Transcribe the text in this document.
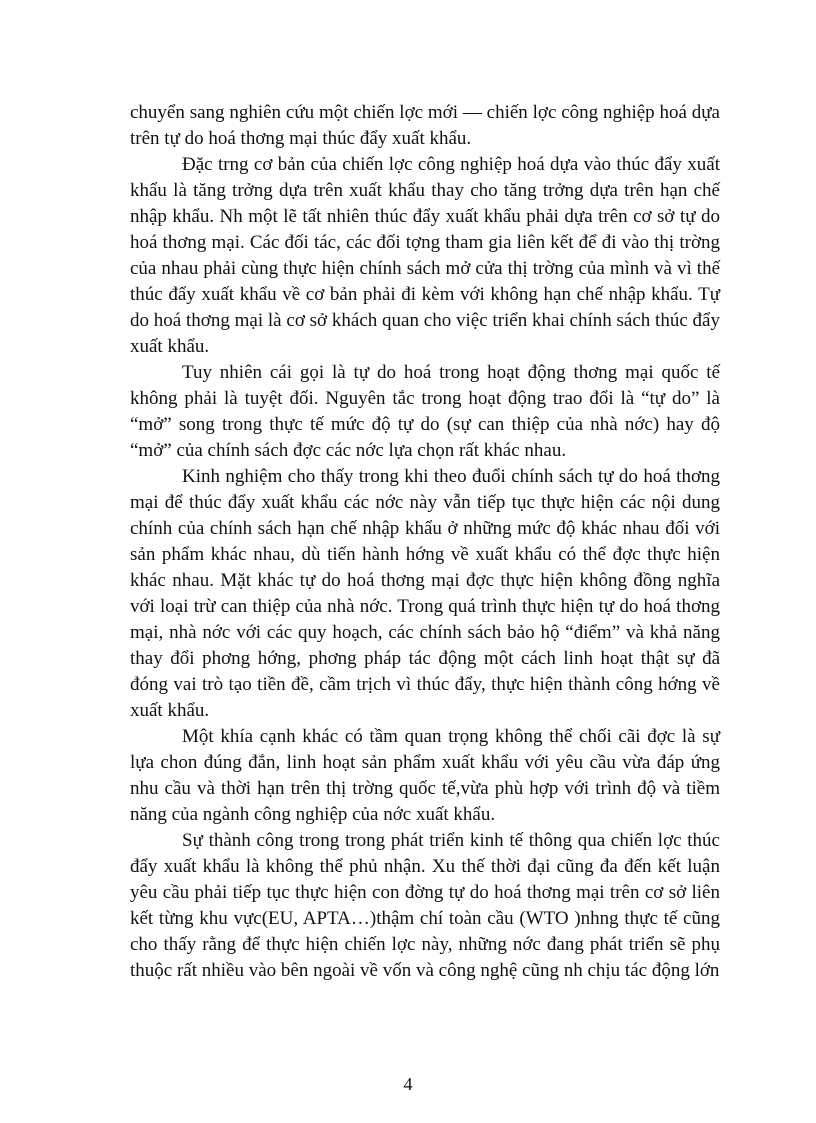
chuyển sang nghiên cứu một chiến lợc mới — chiến lợc công nghiệp hoá dựa trên tự do hoá thơng mại thúc đẩy xuất khẩu.

Đặc trng cơ bản của chiến lợc công nghiệp hoá dựa vào thúc đẩy xuất khẩu là tăng trởng dựa trên xuất khẩu thay cho tăng trởng dựa trên hạn chế nhập khẩu. Nh một lẽ tất nhiên thúc đẩy xuất khẩu phải dựa trên cơ sở tự do hoá thơng mại. Các đối tác, các đối tợng tham gia liên kết để đi vào thị trờng của nhau phải cùng thực hiện chính sách mở cửa thị trờng của mình và vì thế thúc đẩy xuất khẩu về cơ bản phải đi kèm với không hạn chế nhập khẩu. Tự do hoá thơng mại là cơ sở khách quan cho việc triển khai chính sách thúc đẩy xuất khẩu.

Tuy nhiên cái gọi là tự do hoá trong hoạt động thơng mại quốc tế không phải là tuyệt đối. Nguyên tắc trong hoạt động trao đổi là “tự do” là “mở” song trong thực tế mức độ tự do (sự can thiệp của nhà nớc) hay độ “mở” của chính sách đợc các nớc lựa chọn rất khác nhau.

Kinh nghiệm cho thấy trong khi theo đuổi chính sách tự do hoá thơng mại để thúc đẩy xuất khẩu các nớc này vẫn tiếp tục thực hiện các nội dung chính của chính sách hạn chế nhập khẩu ở những mức độ khác nhau đối với sản phẩm khác nhau, dù tiến hành hớng về xuất khẩu có thể đợc thực hiện khác nhau. Mặt khác tự do hoá thơng mại đợc thực hiện không đồng nghĩa với loại trừ can thiệp của nhà nớc. Trong quá trình thực hiện tự do hoá thơng mại, nhà nớc với các quy hoạch, các chính sách bảo hộ “điểm” và khả năng thay đổi phơng hớng, phơng pháp tác động một cách linh hoạt thật sự đã đóng vai trò tạo tiền đề, cầm trịch vì thúc đẩy, thực hiện thành công hớng về xuất khẩu.

Một khía cạnh khác có tầm quan trọng không thể chối cãi đợc là sự lựa chon đúng đắn, linh hoạt sản phẩm xuất khẩu với yêu cầu vừa đáp ứng nhu cầu và thời hạn trên thị trờng quốc tế,vừa phù hợp với trình độ và tiềm năng của ngành công nghiệp của nớc xuất khẩu.

Sự thành công trong trong phát triển kinh tế thông qua chiến lợc thúc đẩy xuất khẩu là không thể phủ nhận. Xu thế thời đại cũng đa đến kết luận yêu cầu phải tiếp tục thực hiện con đờng tự do hoá thơng mại trên cơ sở liên kết từng khu vực(EU, APTA…)thậm chí toàn cầu (WTO )nhng thực tế cũng cho thấy rằng để thực hiện chiến lợc này, những nớc đang phát triển sẽ phụ thuộc rất nhiều vào bên ngoài về vốn và công nghệ cũng nh chịu tác động lớn

4
